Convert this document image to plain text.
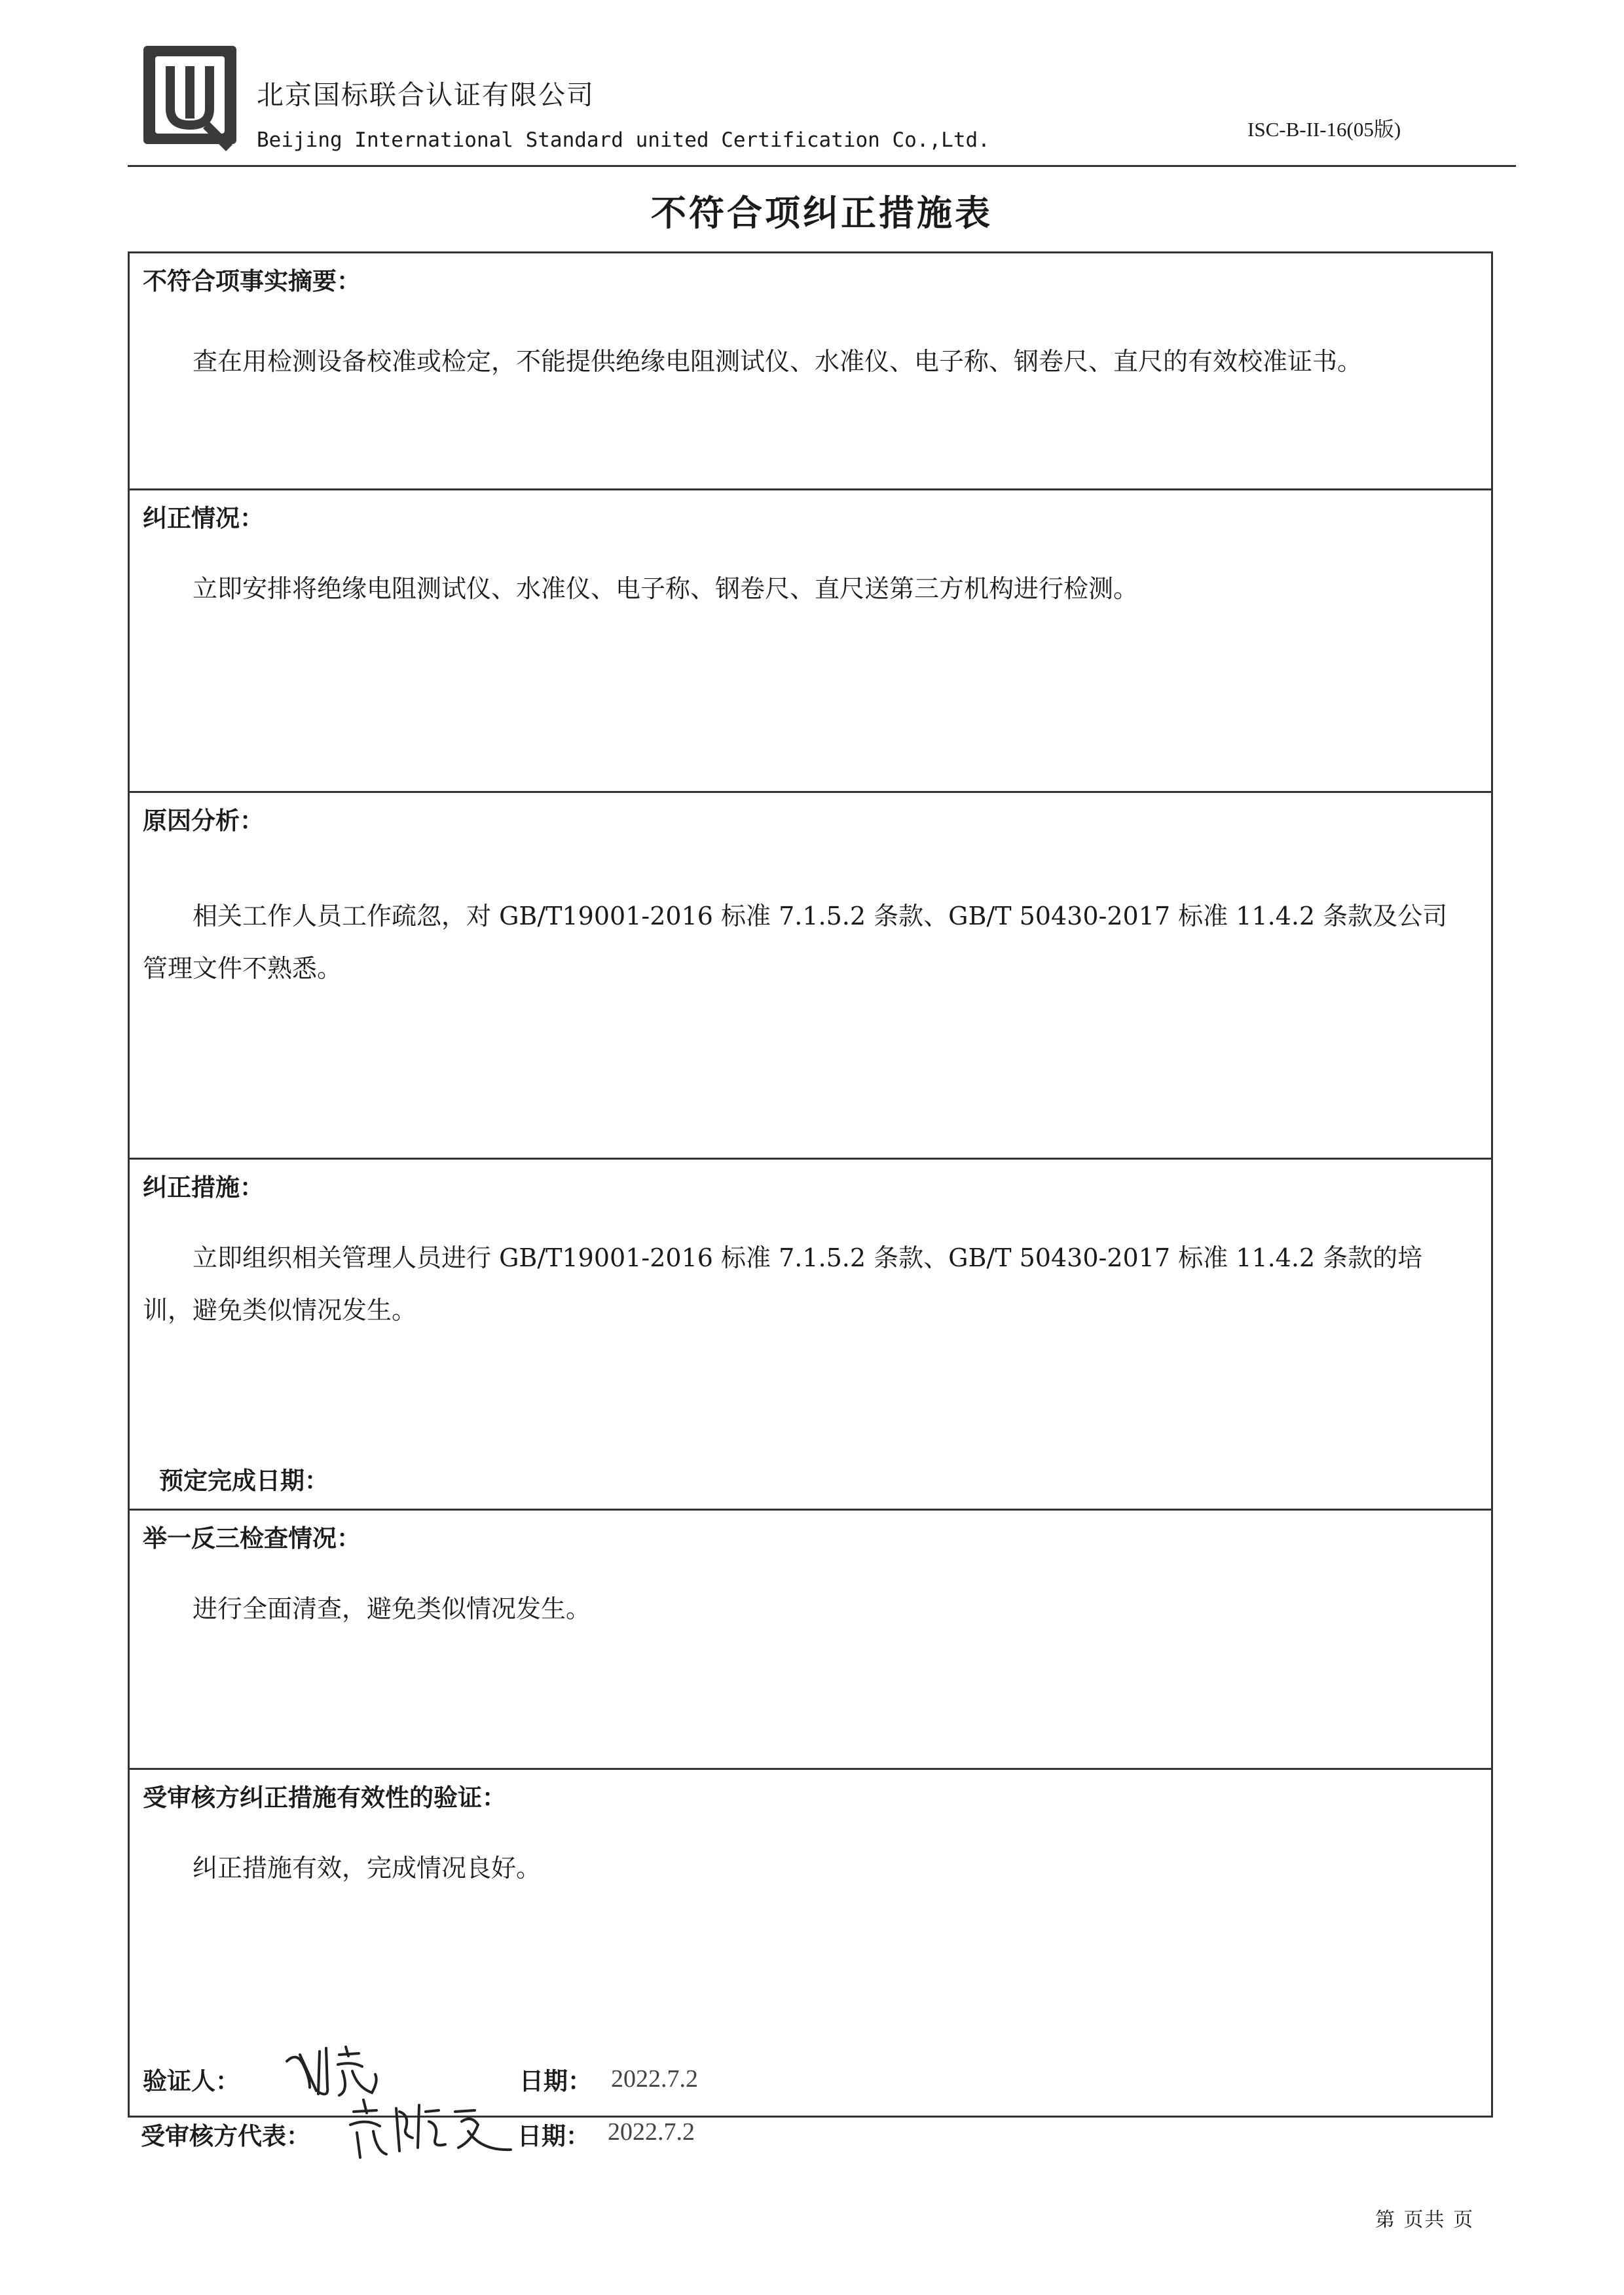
北京国标联合认证有限公司
Beijing International Standard united Certification Co.,Ltd.	ISC-B-II-16(05版)
不符合项纠正措施表
不符合项事实摘要：
查在用检测设备校准或检定，不能提供绝缘电阻测试仪、水准仪、电子称、钢卷尺、直尺的有效校准证书。
纠正情况：
立即安排将绝缘电阻测试仪、水准仪、电子称、钢卷尺、直尺送第三方机构进行检测。
原因分析：
相关工作人员工作疏忽，对 GB/T19001-2016 标准 7.1.5.2 条款、GB/T 50430-2017 标准 11.4.2 条款及公司管理文件不熟悉。
纠正措施：
立即组织相关管理人员进行 GB/T19001-2016 标准 7.1.5.2 条款、GB/T 50430-2017 标准 11.4.2 条款的培训，避免类似情况发生。
预定完成日期：
举一反三检查情况：
进行全面清查，避免类似情况发生。
受审核方纠正措施有效性的验证：
纠正措施有效，完成情况良好。
验证人：	日期： 2022.7.2
受审核方代表：	日期： 2022.7.2
第 页共 页
